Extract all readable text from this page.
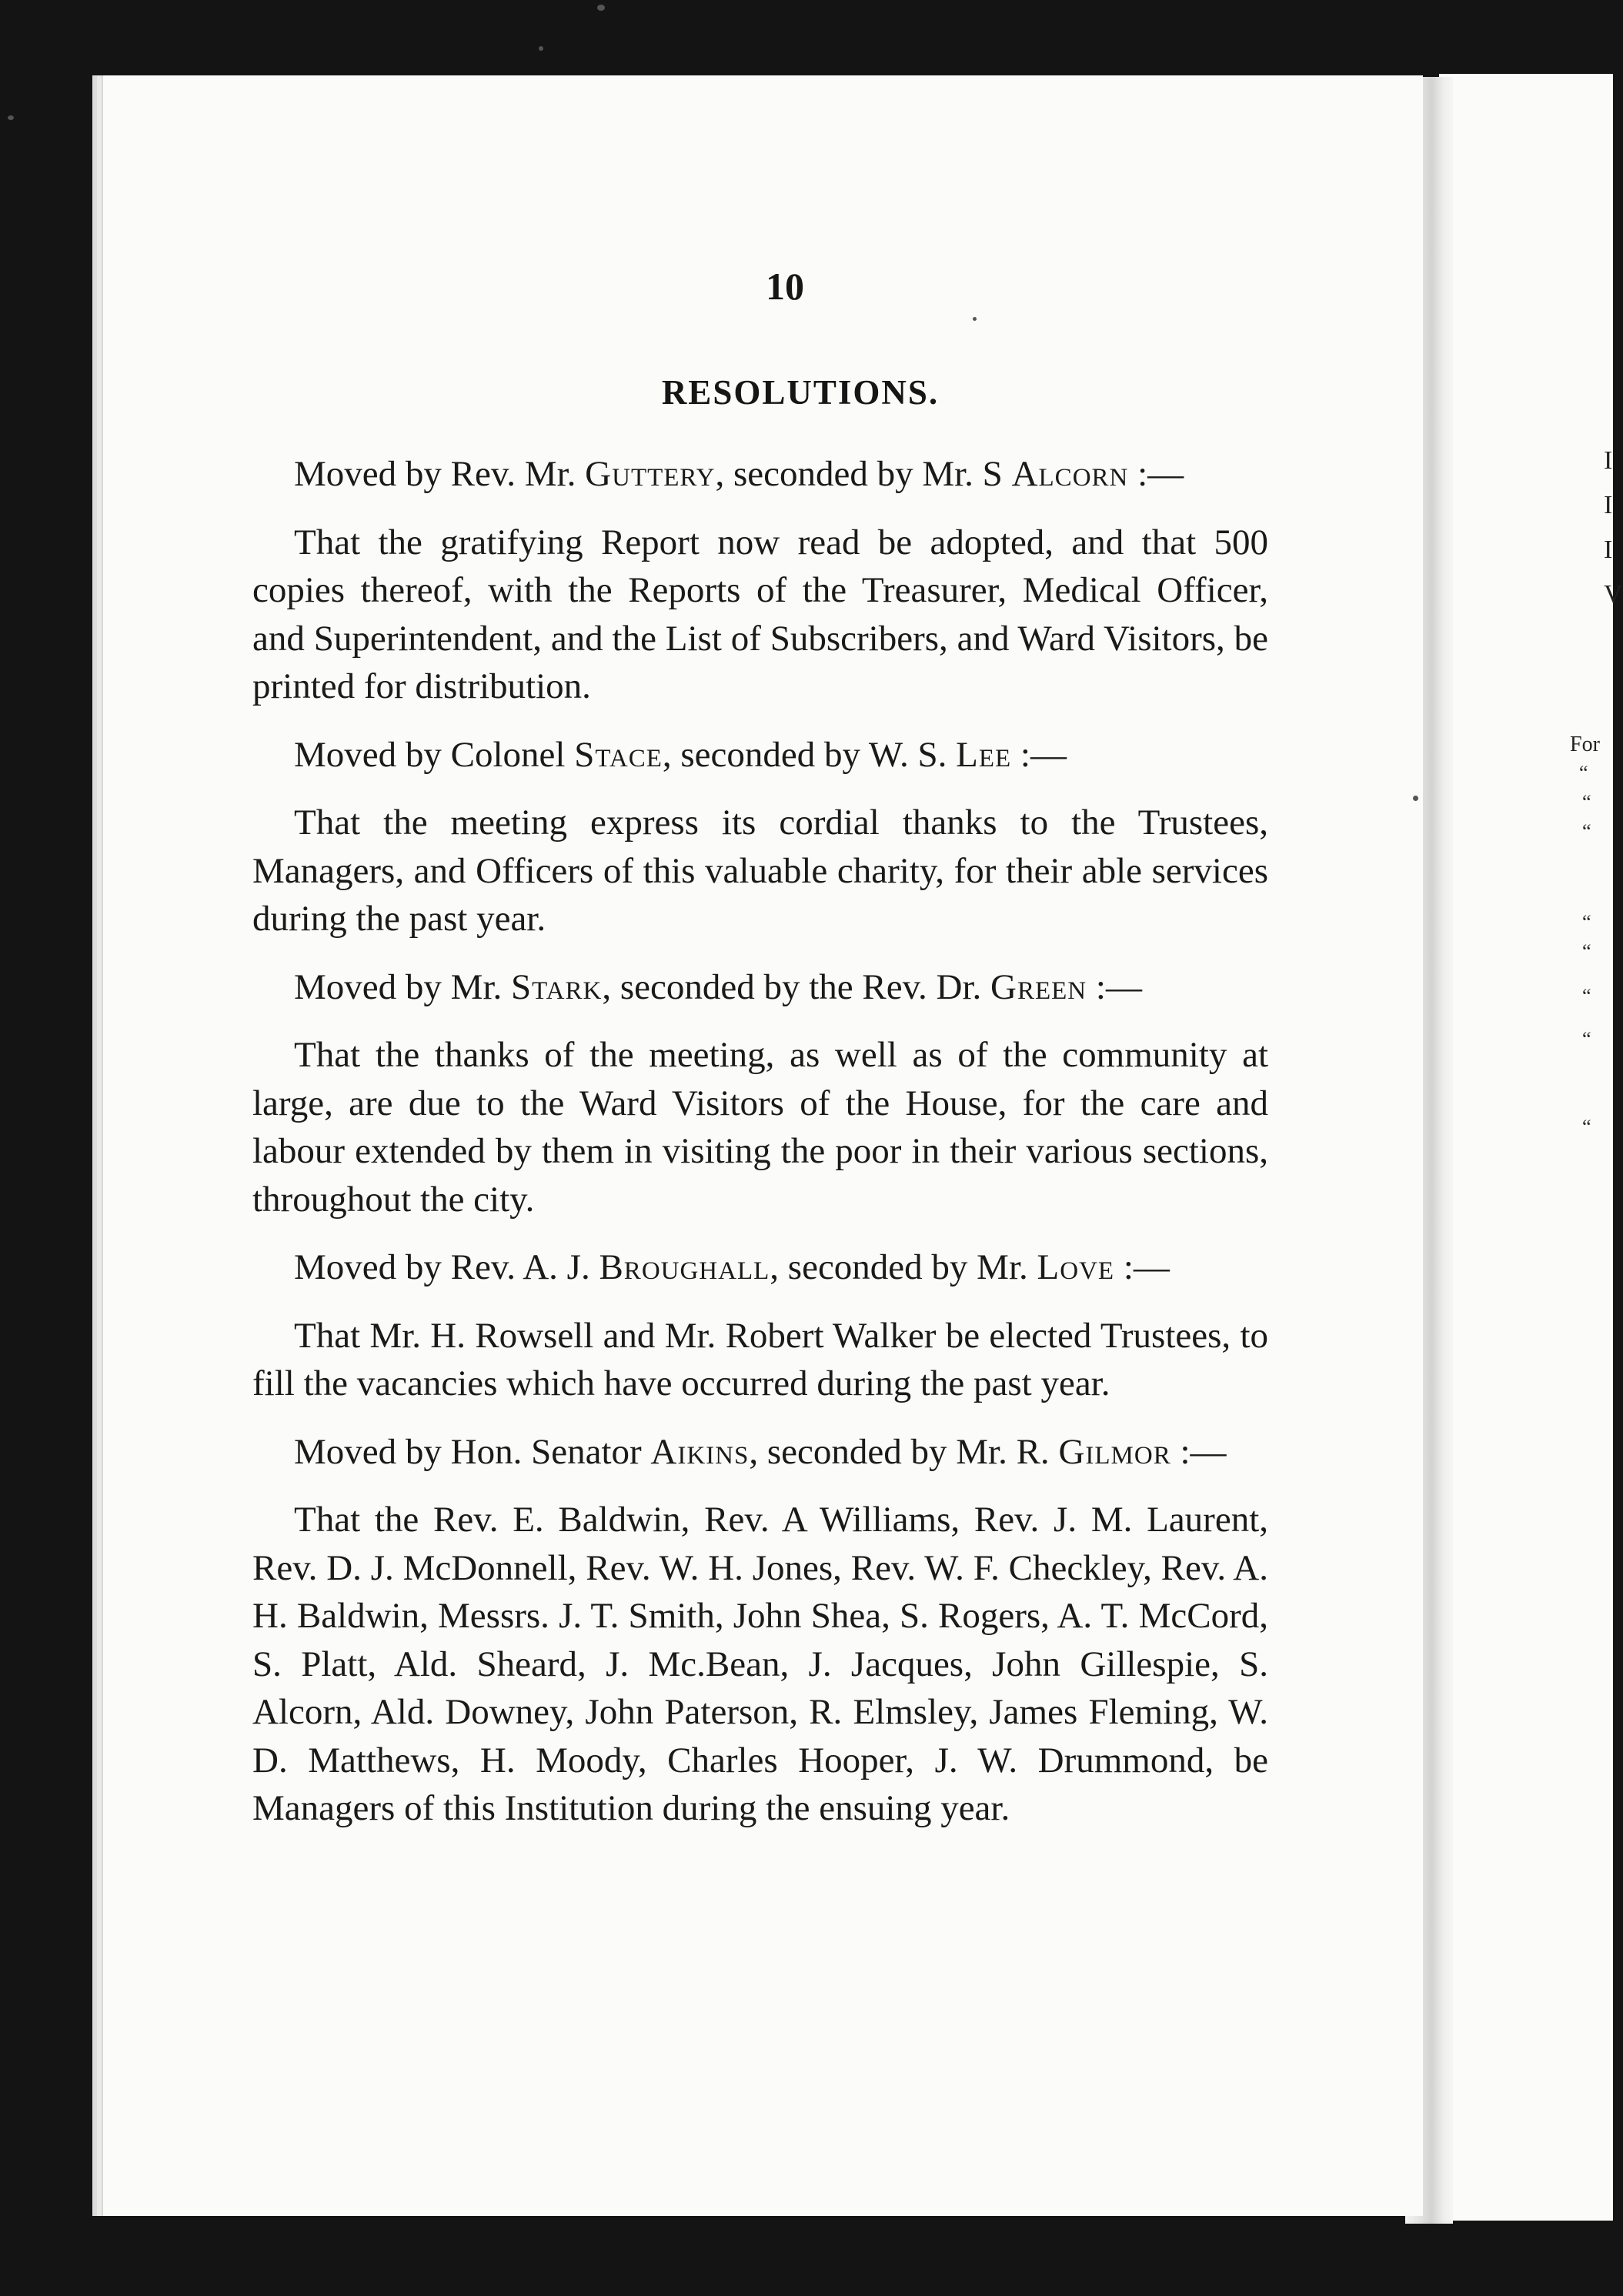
10
RESOLUTIONS.

Moved by Rev. Mr. Guttery, seconded by Mr. S Alcorn :—

That the gratifying Report now read be adopted, and that 500 copies thereof, with the Reports of the Treasurer, Medical Officer, and Superintendent, and the List of Subscribers, and Ward Visitors, be printed for distribution.

Moved by Colonel Stace, seconded by W. S. Lee :—

That the meeting express its cordial thanks to the Trustees, Managers, and Officers of this valuable charity, for their able services during the past year.

Moved by Mr. Stark, seconded by the Rev. Dr. Green :—

That the thanks of the meeting, as well as of the community at large, are due to the Ward Visitors of the House, for the care and labour extended by them in visiting the poor in their various sections, throughout the city.

Moved by Rev. A. J. Broughall, seconded by Mr. Love :—

That Mr. H. Rowsell and Mr. Robert Walker be elected Trustees, to fill the vacancies which have occurred during the past year.

Moved by Hon. Senator Aikins, seconded by Mr. R. Gilmor :—

That the Rev. E. Baldwin, Rev. A Williams, Rev. J. M. Laurent, Rev. D. J. McDonnell, Rev. W. H. Jones, Rev. W. F. Checkley, Rev. A. H. Baldwin, Messrs. J. T. Smith, John Shea, S. Rogers, A. T. McCord, S. Platt, Ald. Sheard, J. Mc.Bean, J. Jacques, John Gillespie, S. Alcorn, Ald. Downey, John Paterson, R. Elmsley, James Fleming, W. D. Matthews, H. Moody, Charles Hooper, J. W. Drummond, be Managers of this Institution during the ensuing year.

I
I
I
V
For
“
“
“
“
“
“
“
“
